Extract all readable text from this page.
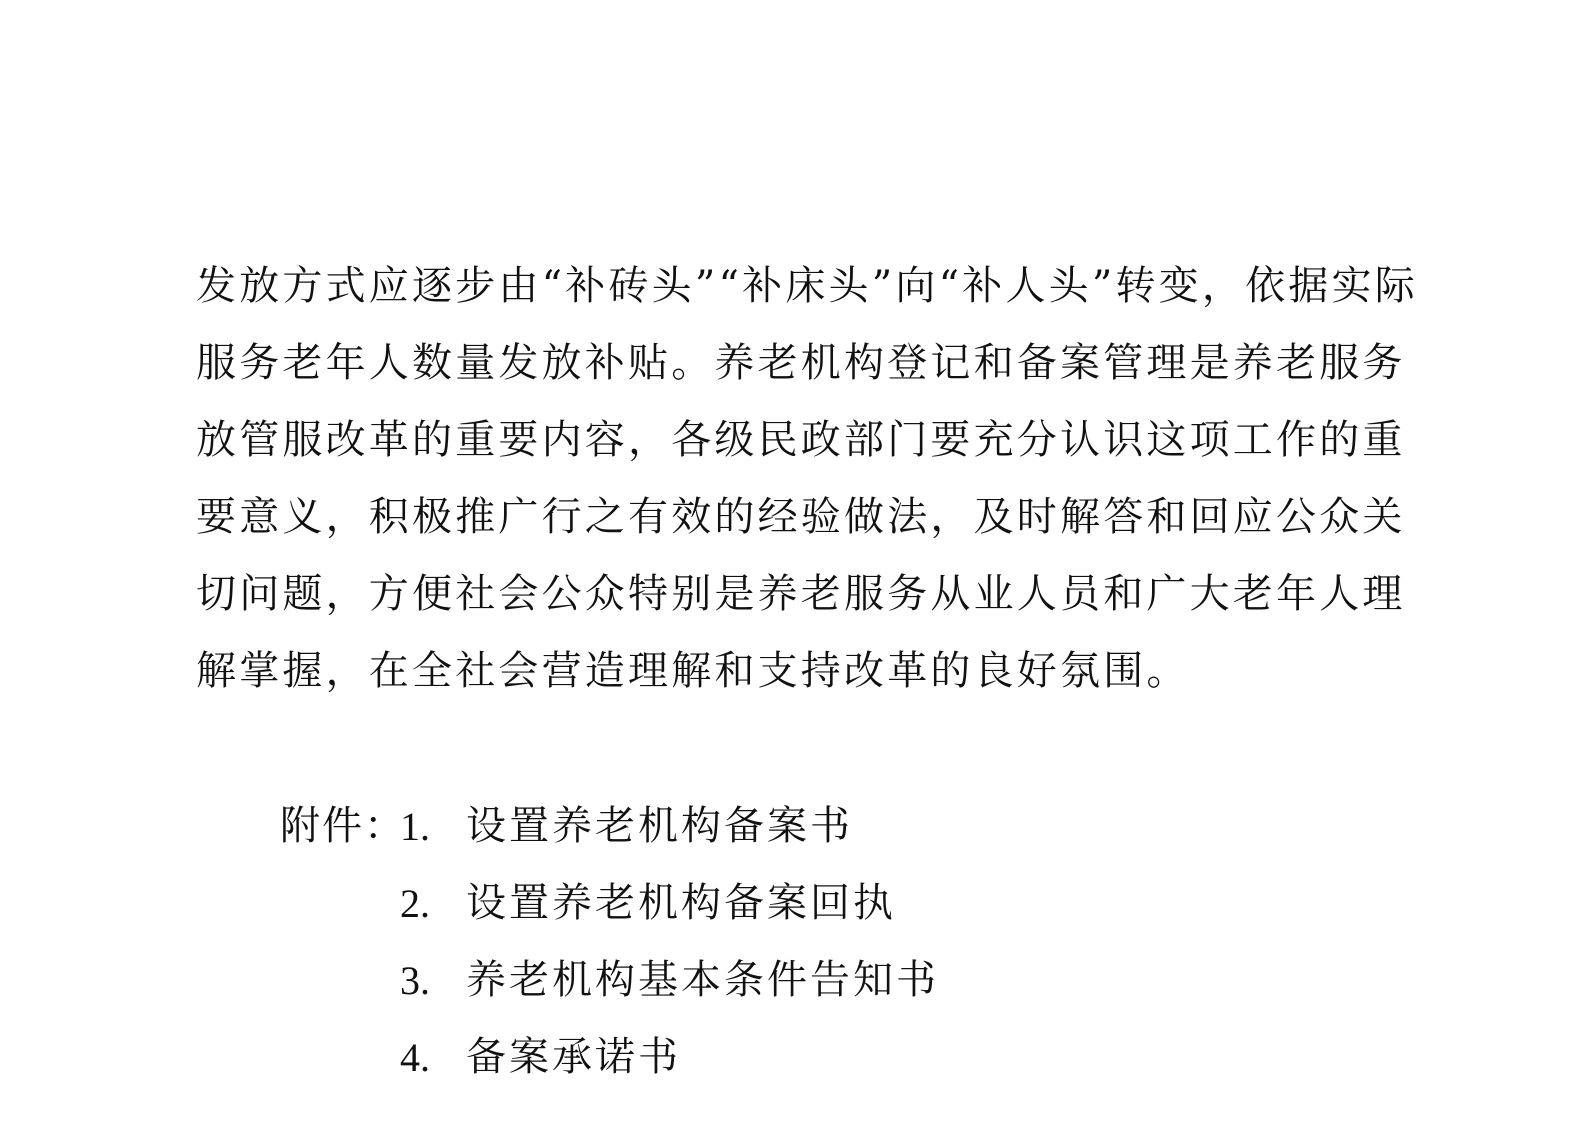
发放方式应逐步由“补砖头”“补床头”向“补人头”转变，依据实际
服务老年人数量发放补贴。养老机构登记和备案管理是养老服务
放管服改革的重要内容，各级民政部门要充分认识这项工作的重
要意义，积极推广行之有效的经验做法，及时解答和回应公众关
切问题，方便社会公众特别是养老服务从业人员和广大老年人理
解掌握，在全社会营造理解和支持改革的良好氛围。
附件：
1. 设置养老机构备案书
2. 设置养老机构备案回执
3. 养老机构基本条件告知书
4. 备案承诺书
